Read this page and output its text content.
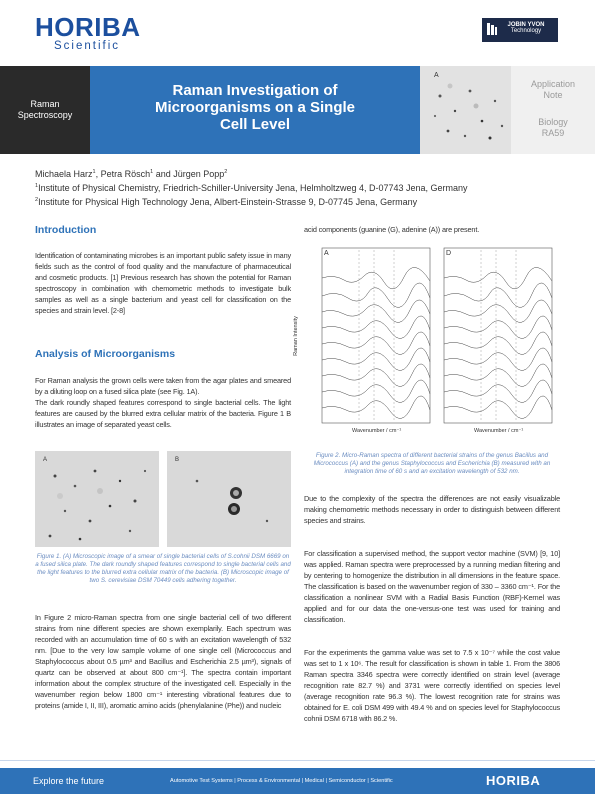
HORIBA
Scientific
JOBIN YVON
Technology
Raman
Spectroscopy
Raman Investigation of
Microorganisms on a Single
Cell Level
A
Application
Note
Biology
RA59
Michaela Harz$^1$, Petra Rösch$^1$ and Jürgen Popp$^2$
$^1$Institute of Physical Chemistry, Friedrich-Schiller-University Jena, Helmholtzweg 4, D-07743 Jena, Germany
$^2$Institute for Physical High Technology Jena, Albert-Einstein-Strasse 9, D-07745 Jena, Germany
Introduction
Identification of contaminating microbes is an important public safety issue in many fields such as the control of food quality and the manufacture of pharmaceutical and cosmetic products. [1] Previous research has shown the potential for Raman spectroscopy in combination with chemometric methods to investigate bulk samples as well as a single bacterium and yeast cell for classification on the species and strain level. [2-8]
Analysis of Microorganisms
For Raman analysis the grown cells were taken from the agar plates and smeared by a diluting loop on a fused silica plate (see Fig. 1A).
The dark roundly shaped features correspond to single bacterial cells. The light features are caused by the blurred extra cellular matrix of the bacteria. Figure 1 B illustrates an image of separated yeast cells.
A	B
Figure 1. (A) Microscopic image of a smear of single bacterial cells of S.cohnii DSM 6669 on a fused silica plate. The dark roundly shaped features correspond to single bacterial cells and the light features to the blurred extra cellular matrix of the bacteria. (B) Microscopic image of two S. cerevisiae DSM 70449 cells adhering together.
In Figure 2 micro-Raman spectra from one single bacterial cell of two different strains from nine different species are shown exemplarily. Each spectrum was recorded with an accumulation time of 60 s with an excitation wavelength of 532 nm. [Due to the very low sample volume of one single cell (Micrococcus and Staphylococcus about 0.5 µm³ and Bacillus and Escherichia 2.5 µm³), signals of quartz can be observed at about 800 cm⁻¹]. The spectra contain important information about the complex structure of the investigated cell. Especially in the wavenumber region below 1800 cm⁻¹ interesting vibrational features due to proteins (amide I, II, III), aromatic amino acids (phenylalanine (Phe)) and nucleic
acid components (guanine (G), adenine (A)) are present.
A	D
Raman Intensity
Wavenumber / cm⁻¹	Wavenumber / cm⁻¹
Figure 2. Micro-Raman spectra of different bacterial strains of the genus Bacillus and Micrococcus (A) and the genus Staphylococcus and Escherichia (B) measured with an integration time of 60 s and an excitation wavelength of 532 nm.
Due to the complexity of the spectra the differences are not easily visualizable making chemometric methods necessary in order to distinguish between different species and strains.
For classification a supervised method, the support vector machine (SVM) [9, 10] was applied. Raman spectra were preprocessed by a running median filtering and by centering to homogenize the distribution in all dimensions in the feature space. The classification is based on the wavenumber region of 330 – 3360 cm⁻¹. For the classification a nonlinear SVM with a Radial Basis Function (RBF)-Kernel was applied and for our data the one-versus-one test was used for training and classification.
For the experiments the gamma value was set to 7.5 x 10⁻⁷ while the cost value was set to 1 x 10⁶. The result for classification is shown in table 1. From the 3806 Raman spectra 3346 spectra were correctly identified on strain level (average recognition rate 82.7 %) and 3731 were correctly identified on species level (average recognition rate 96.3 %). The lowest recognition rate for strains was obtained for E. coli DSM 499 with 49.4 % and on species level for Staphylococcus cohnii DSM 6718 with 86.2 %.
Explore the future	Automotive Test Systems | Process & Environmental | Medical | Semiconductor | Scientific	HORIBA
